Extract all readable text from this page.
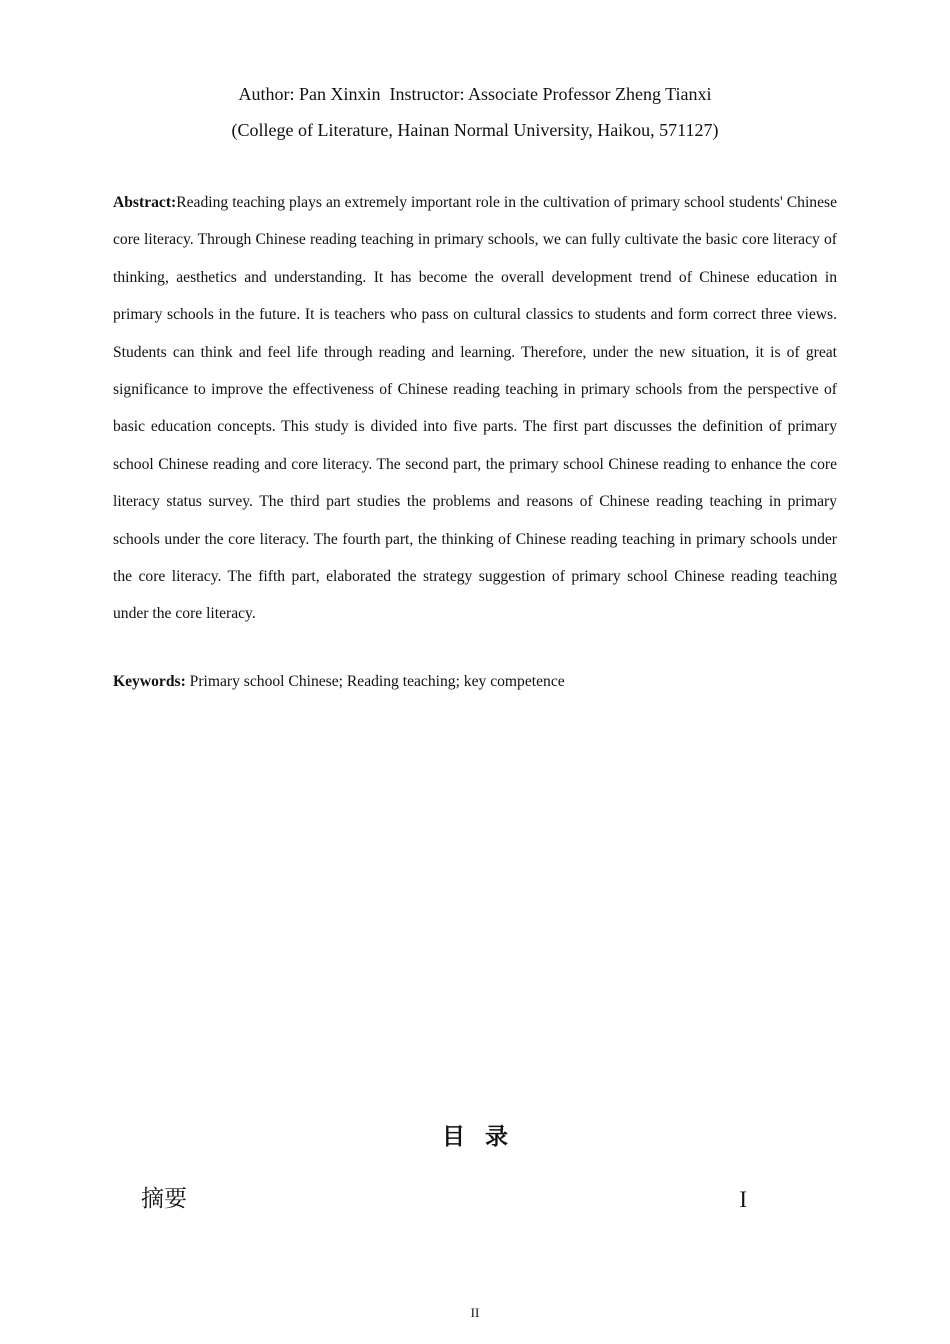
Author: Pan Xinxin  Instructor: Associate Professor Zheng Tianxi
(College of Literature, Hainan Normal University, Haikou, 571127)

Abstract:Reading teaching plays an extremely important role in the cultivation of primary school students' Chinese core literacy. Through Chinese reading teaching in primary schools, we can fully cultivate the basic core literacy of thinking, aesthetics and understanding. It has become the overall development trend of Chinese education in primary schools in the future. It is teachers who pass on cultural classics to students and form correct three views. Students can think and feel life through reading and learning. Therefore, under the new situation, it is of great significance to improve the effectiveness of Chinese reading teaching in primary schools from the perspective of basic education concepts. This study is divided into five parts. The first part discusses the definition of primary school Chinese reading and core literacy. The second part, the primary school Chinese reading to enhance the core literacy status survey. The third part studies the problems and reasons of Chinese reading teaching in primary schools under the core literacy. The fourth part, the thinking of Chinese reading teaching in primary schools under the core literacy. The fifth part, elaborated the strategy suggestion of primary school Chinese reading teaching under the core literacy.

Keywords: Primary school Chinese; Reading teaching; key competence

目录
摘要	I
II
